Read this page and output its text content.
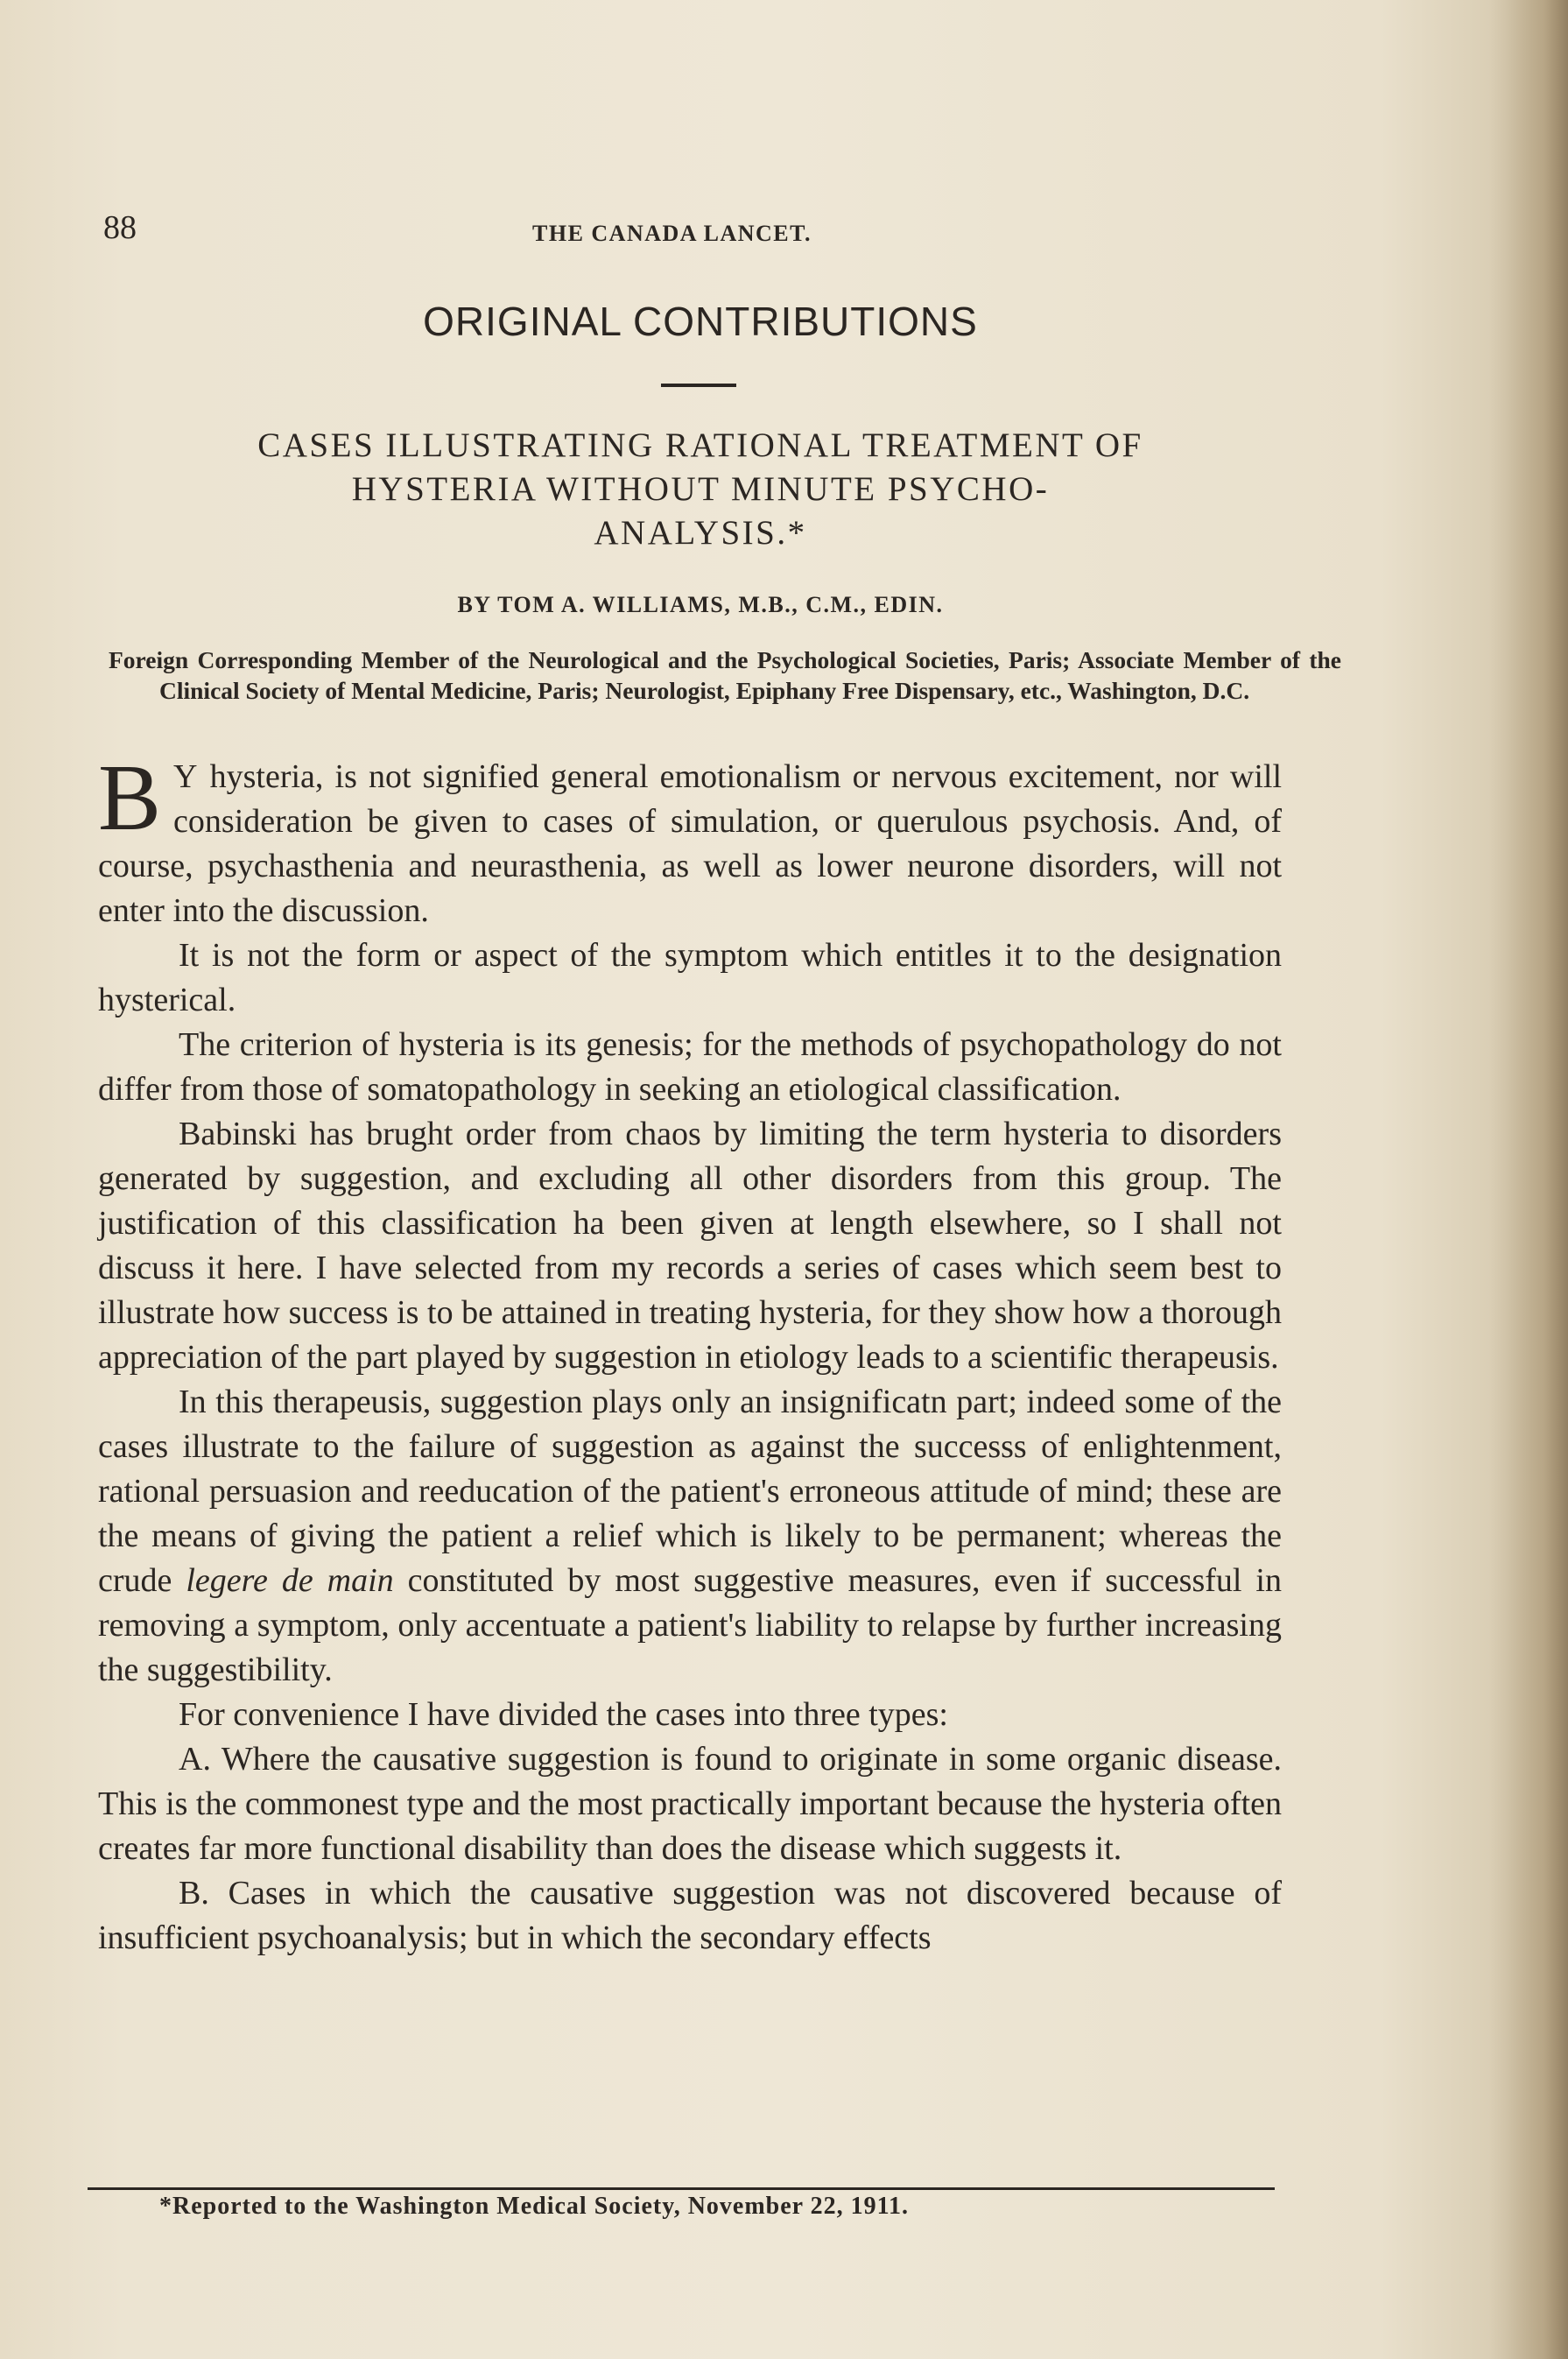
88	THE CANADA LANCET.
ORIGINAL CONTRIBUTIONS
CASES ILLUSTRATING RATIONAL TREATMENT OF
HYSTERIA WITHOUT MINUTE PSYCHO-
ANALYSIS.*
BY TOM A. WILLIAMS, M.B., C.M., EDIN.
Foreign Corresponding Member of the Neurological and the Psychological Societies, Paris; Associate Member of the Clinical Society of Mental Medicine, Paris; Neurologist, Epiphany Free Dispensary, etc., Washington, D.C.

B Y hysteria, is not signified general emotionalism or nervous excitement, nor will consideration be given to cases of simulation, or querulous psychosis. And, of course, psychasthenia and neurasthenia, as well as lower neurone disorders, will not enter into the discussion.

It is not the form or aspect of the symptom which entitles it to the designation hysterical.

The criterion of hysteria is its genesis; for the methods of psychopathology do not differ from those of somatopathology in seeking an etiological classification.

Babinski has brught order from chaos by limiting the term hysteria to disorders generated by suggestion, and excluding all other disorders from this group. The justification of this classification ha been given at length elsewhere, so I shall not discuss it here. I have selected from my records a series of cases which seem best to illustrate how success is to be attained in treating hysteria, for they show how a thorough appreciation of the part played by suggestion in etiology leads to a scientific therapeusis.

In this therapeusis, suggestion plays only an insignificatn part; indeed some of the cases illustrate to the failure of suggestion as against the successs of enlightenment, rational persuasion and reeducation of the patient's erroneous attitude of mind; these are the means of giving the patient a relief which is likely to be permanent; whereas the crude legere de main constituted by most suggestive measures, even if successful in removing a symptom, only accentuate a patient's liability to relapse by further increasing the suggestibility.

For convenience I have divided the cases into three types:

A. Where the causative suggestion is found to originate in some organic disease. This is the commonest type and the most practically important because the hysteria often creates far more functional disability than does the disease which suggests it.

B. Cases in which the causative suggestion was not discovered because of insufficient psychoanalysis; but in which the secondary effects

*Reported to the Washington Medical Society, November 22, 1911.
